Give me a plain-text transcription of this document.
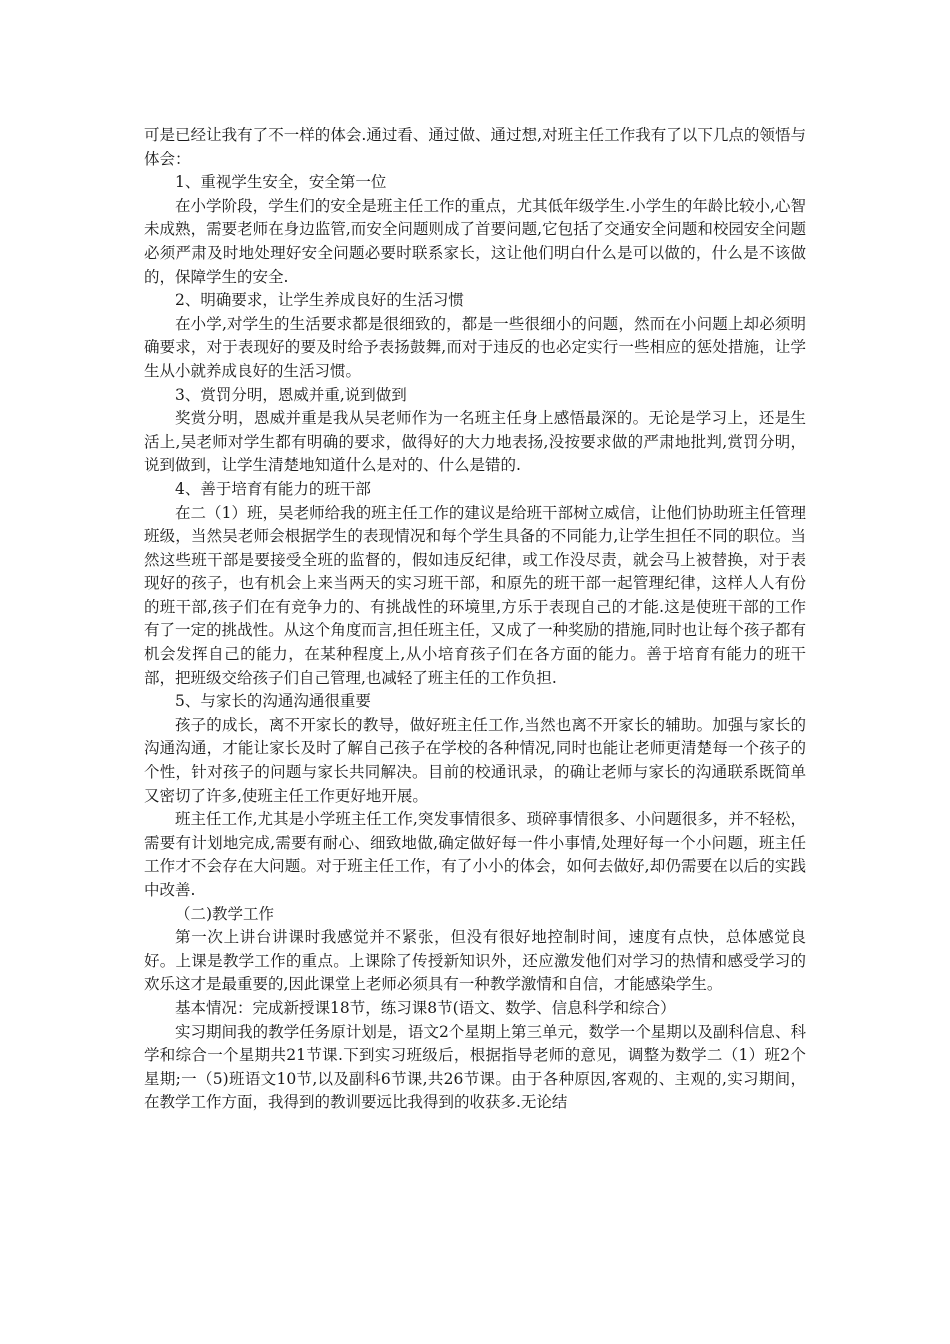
可是已经让我有了不一样的体会.通过看、通过做、通过想,对班主任工作我有了以下几点的领悟与体会：

1、重视学生安全，安全第一位

在小学阶段，学生们的安全是班主任工作的重点，尤其低年级学生.小学生的年龄比较小,心智未成熟，需要老师在身边监管,而安全问题则成了首要问题,它包括了交通安全问题和校园安全问题必须严肃及时地处理好安全问题必要时联系家长，这让他们明白什么是可以做的，什么是不该做的，保障学生的安全.

2、明确要求，让学生养成良好的生活习惯

在小学,对学生的生活要求都是很细致的，都是一些很细小的问题，然而在小问题上却必须明确要求，对于表现好的要及时给予表扬鼓舞,而对于违反的也必定实行一些相应的惩处措施，让学生从小就养成良好的生活习惯。

3、赏罚分明，恩威并重,说到做到

奖赏分明，恩威并重是我从吴老师作为一名班主任身上感悟最深的。无论是学习上，还是生活上,吴老师对学生都有明确的要求，做得好的大力地表扬,没按要求做的严肃地批判,赏罚分明，说到做到，让学生清楚地知道什么是对的、什么是错的.

4、善于培育有能力的班干部

在二（1）班，吴老师给我的班主任工作的建议是给班干部树立威信，让他们协助班主任管理班级，当然吴老师会根据学生的表现情况和每个学生具备的不同能力,让学生担任不同的职位。当然这些班干部是要接受全班的监督的，假如违反纪律，或工作没尽责，就会马上被替换，对于表现好的孩子，也有机会上来当两天的实习班干部，和原先的班干部一起管理纪律，这样人人有份的班干部,孩子们在有竞争力的、有挑战性的环境里,方乐于表现自己的才能.这是使班干部的工作有了一定的挑战性。从这个角度而言,担任班主任，又成了一种奖励的措施,同时也让每个孩子都有机会发挥自己的能力，在某种程度上,从小培育孩子们在各方面的能力。善于培育有能力的班干部，把班级交给孩子们自己管理,也减轻了班主任的工作负担.

5、与家长的沟通沟通很重要

孩子的成长，离不开家长的教导，做好班主任工作,当然也离不开家长的辅助。加强与家长的沟通沟通，才能让家长及时了解自己孩子在学校的各种情况,同时也能让老师更清楚每一个孩子的个性，针对孩子的问题与家长共同解决。目前的校通讯录，的确让老师与家长的沟通联系既简单又密切了许多,使班主任工作更好地开展。

班主任工作,尤其是小学班主任工作,突发事情很多、琐碎事情很多、小问题很多，并不轻松，需要有计划地完成,需要有耐心、细致地做,确定做好每一件小事情,处理好每一个小问题，班主任工作才不会存在大问题。对于班主任工作，有了小小的体会，如何去做好,却仍需要在以后的实践中改善.

（二)教学工作

第一次上讲台讲课时我感觉并不紧张，但没有很好地控制时间，速度有点快，总体感觉良好。上课是教学工作的重点。上课除了传授新知识外，还应激发他们对学习的热情和感受学习的欢乐这才是最重要的,因此课堂上老师必须具有一种教学激情和自信，才能感染学生。

基本情况：完成新授课18节，练习课8节(语文、数学、信息科学和综合）

实习期间我的教学任务原计划是，语文2个星期上第三单元，数学一个星期以及副科信息、科学和综合一个星期共21节课.下到实习班级后，根据指导老师的意见，调整为数学二（1）班2个星期;一（5)班语文10节,以及副科6节课,共26节课。由于各种原因,客观的、主观的,实习期间，在教学工作方面，我得到的教训要远比我得到的收获多.无论结
